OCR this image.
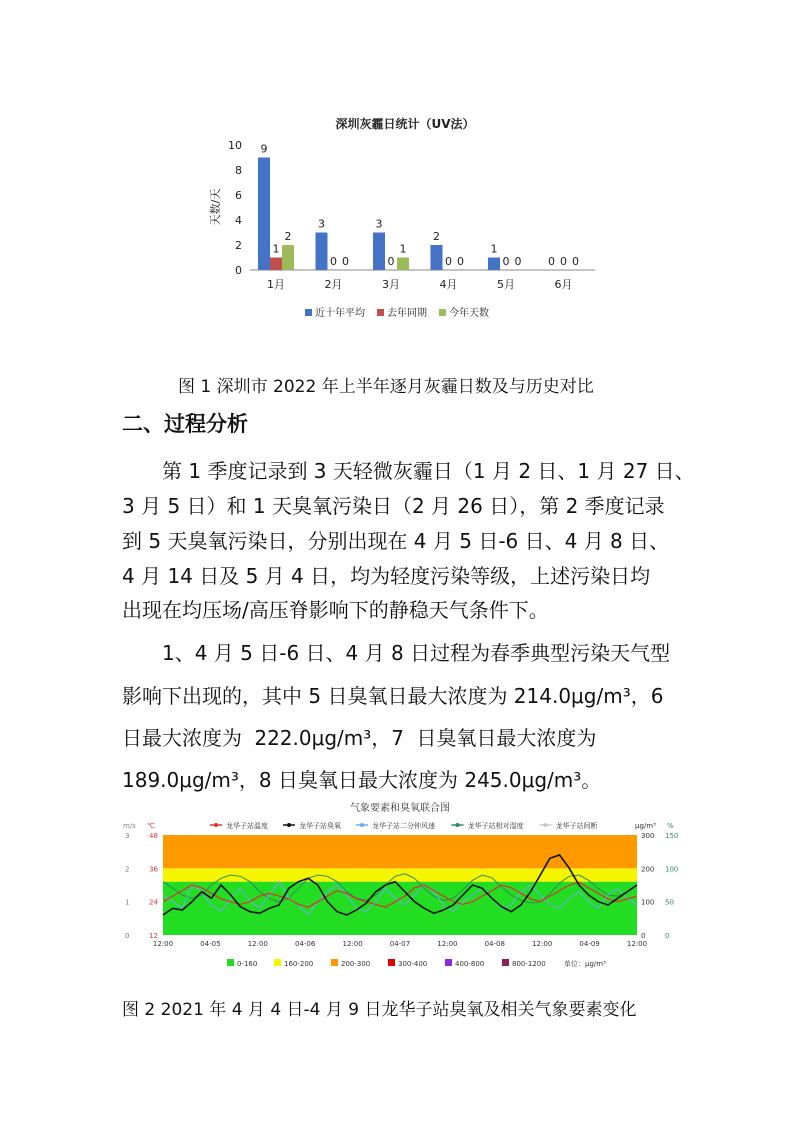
深圳灰霾日统计（UV法）
0
2
4
6
8
10
天数/天
1月
9
1
2
2月
3
0 0
3月
3
0
1
4月
2
0 0
5月
1
0 0
6月
0 0 0
近十年平均 去年同期 今年天数
图 1 深圳市 2022 年上半年逐月灰霾日数及与历史对比
二、过程分析
第 1 季度记录到 3 天轻微灰霾日（1 月 2 日、1 月 27 日、
3 月 5 日）和 1 天臭氧污染日（2 月 26 日），第 2 季度记录
到 5 天臭氧污染日，分别出现在 4 月 5 日-6 日、4 月 8 日、
4 月 14 日及 5 月 4 日，均为轻度污染等级，上述污染日均
出现在均压场/高压脊影响下的静稳天气条件下。
1、4 月 5 日-6 日、4 月 8 日过程为春季典型污染天气型
影响下出现的，其中 5 日臭氧日最大浓度为 214.0μg/m³，6
日最大浓度为 222.0μg/m³，7 日臭氧日最大浓度为
189.0μg/m³，8 日臭氧日最大浓度为 245.0μg/m³。
气象要素和臭氧联合图
龙华子站温度	龙华子站臭氧	龙华子站二分钟风速	龙华子站相对湿度	龙华子站间断
m/s ℃	μg/m³ %
0	12	0	0
1	24	100 50
2	36	200 100
3	48	300 150
12:00	04-05	12:00	04-06	12:00	04-07	12:00	04-08	12:00	04-09	12:00
0-160	160-200	200-300	300-400	400-800	800-1200	单位：μg/m³
图 2 2021 年 4 月 4 日-4 月 9 日龙华子站臭氧及相关气象要素变化
